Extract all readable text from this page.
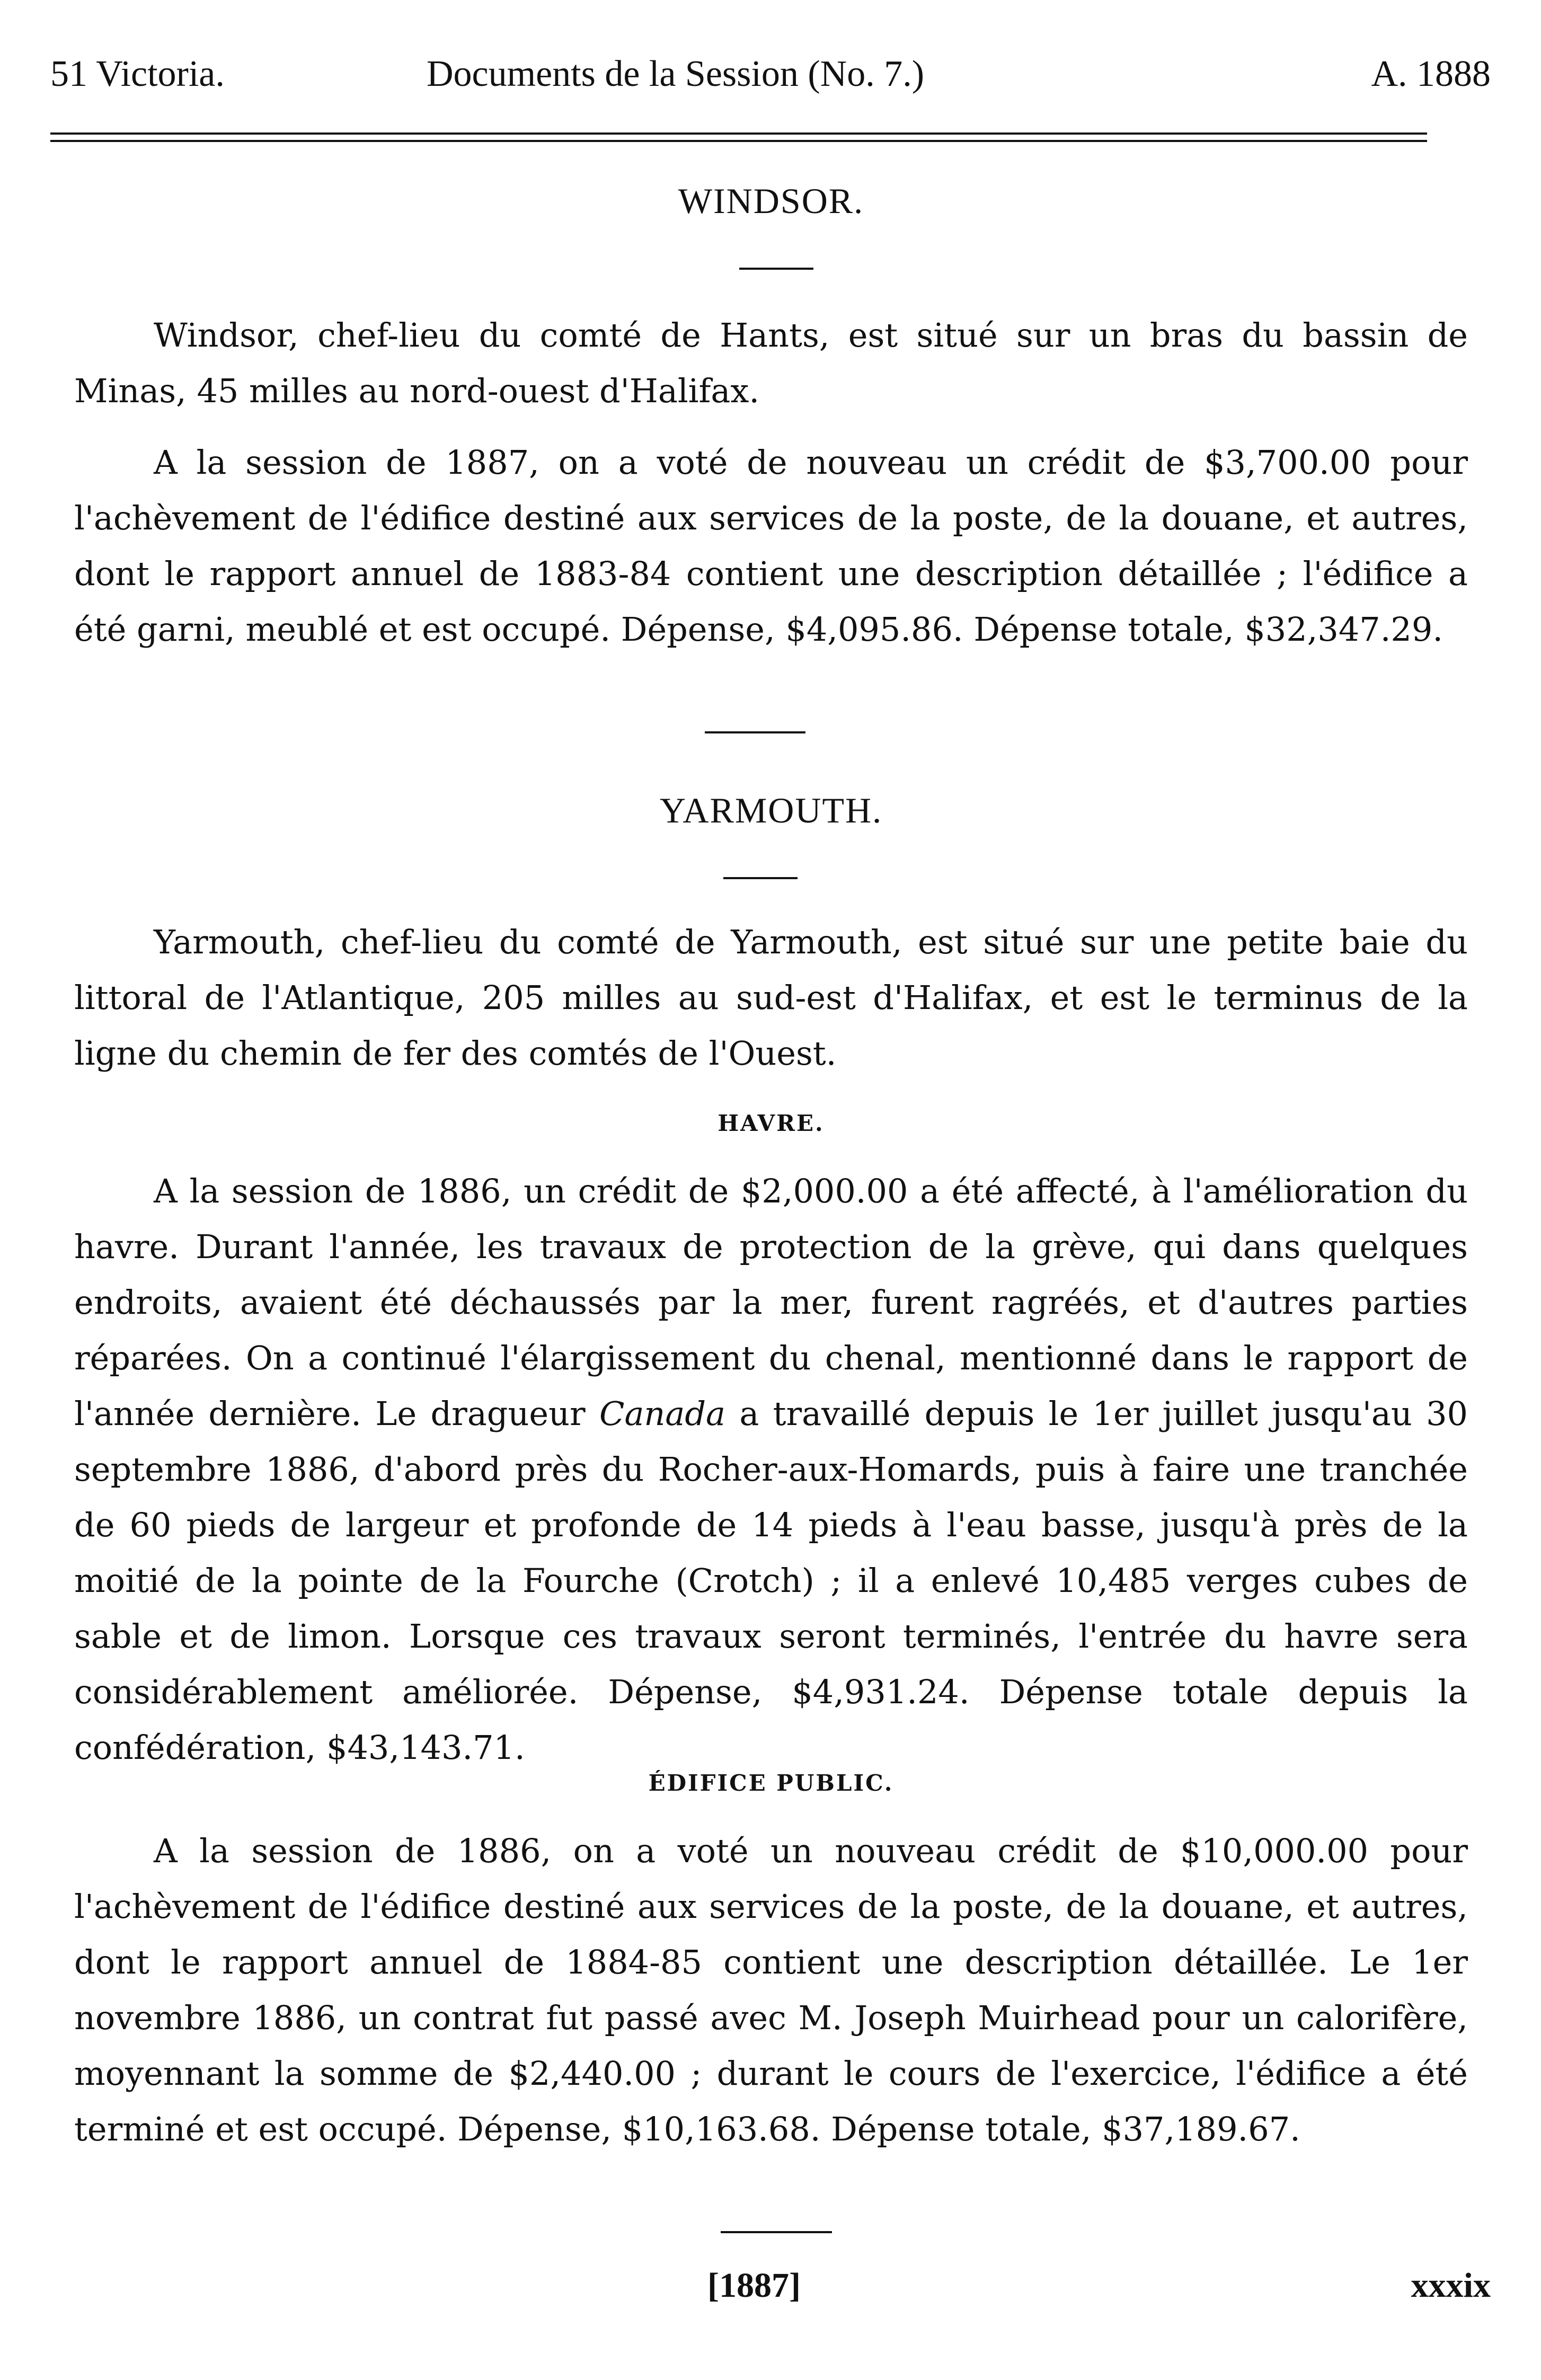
51 Victoria.	Documents de la Session (No. 7.)	A. 1888
WINDSOR.

Windsor, chef-lieu du comté de Hants, est situé sur un bras du bassin de Minas, 45 milles au nord-ouest d'Halifax.

A la session de 1887, on a voté de nouveau un crédit de $3,700.00 pour l'achèvement de l'édifice destiné aux services de la poste, de la douane, et autres, dont le rapport annuel de 1883-84 contient une description détaillée ; l'édifice a été garni, meublé et est occupé. Dépense, $4,095.86. Dépense totale, $32,347.29.

YARMOUTH.

Yarmouth, chef-lieu du comté de Yarmouth, est situé sur une petite baie du littoral de l'Atlantique, 205 milles au sud-est d'Halifax, et est le terminus de la ligne du chemin de fer des comtés de l'Ouest.

HAVRE.

A la session de 1886, un crédit de $2,000.00 a été affecté, à l'amélioration du havre. Durant l'année, les travaux de protection de la grève, qui dans quelques endroits, avaient été déchaussés par la mer, furent ragréés, et d'autres parties réparées. On a continué l'élargissement du chenal, mentionné dans le rapport de l'année dernière. Le dragueur Canada a travaillé depuis le 1er juillet jusqu'au 30 septembre 1886, d'abord près du Rocher-aux-Homards, puis à faire une tranchée de 60 pieds de largeur et profonde de 14 pieds à l'eau basse, jusqu'à près de la moitié de la pointe de la Fourche (Crotch) ; il a enlevé 10,485 verges cubes de sable et de limon. Lorsque ces travaux seront terminés, l'entrée du havre sera considérablement améliorée. Dépense, $4,931.24. Dépense totale depuis la confédération, $43,143.71.

ÉDIFICE PUBLIC.

A la session de 1886, on a voté un nouveau crédit de $10,000.00 pour l'achèvement de l'édifice destiné aux services de la poste, de la douane, et autres, dont le rapport annuel de 1884-85 contient une description détaillée. Le 1er novembre 1886, un contrat fut passé avec M. Joseph Muirhead pour un calorifère, moyennant la somme de $2,440.00 ; durant le cours de l'exercice, l'édifice a été terminé et est occupé. Dépense, $10,163.68. Dépense totale, $37,189.67.

[1887]	xxxix
